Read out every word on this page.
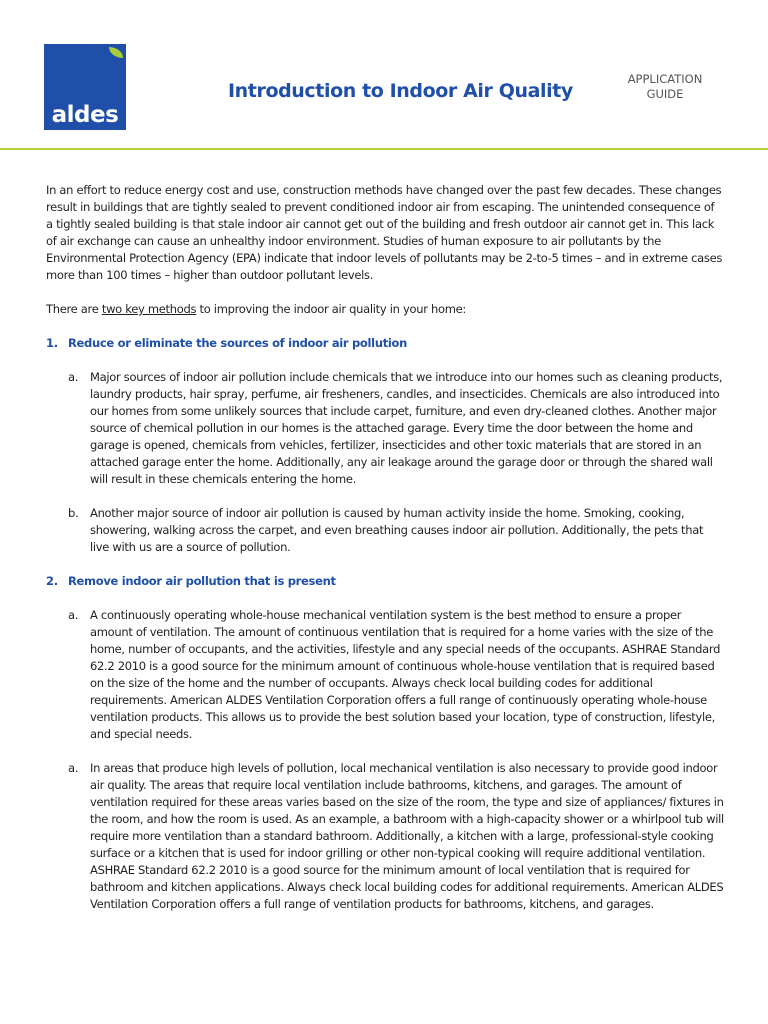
aldes
Introduction to Indoor Air Quality
APPLICATION
GUIDE

In an effort to reduce energy cost and use, construction methods have changed over the past few decades. These changes result in buildings that are tightly sealed to prevent conditioned indoor air from escaping. The unintended consequence of a tightly sealed building is that stale indoor air cannot get out of the building and fresh outdoor air cannot get in. This lack of air exchange can cause an unhealthy indoor environment. Studies of human exposure to air pollutants by the Environmental Protection Agency (EPA) indicate that indoor levels of pollutants may be 2-to-5 times – and in extreme cases more than 100 times – higher than outdoor pollutant levels.

There are two key methods to improving the indoor air quality in your home:

1. Reduce or eliminate the sources of indoor air pollution
a.	Major sources of indoor air pollution include chemicals that we introduce into our homes such as cleaning products, laundry products, hair spray, perfume, air fresheners, candles, and insecticides. Chemicals are also introduced into our homes from some unlikely sources that include carpet, furniture, and even dry-cleaned clothes. Another major source of chemical pollution in our homes is the attached garage. Every time the door between the home and garage is opened, chemicals from vehicles, fertilizer, insecticides and other toxic materials that are stored in an attached garage enter the home. Additionally, any air leakage around the garage door or through the shared wall will result in these chemicals entering the home.
b.	Another major source of indoor air pollution is caused by human activity inside the home. Smoking, cooking, showering, walking across the carpet, and even breathing causes indoor air pollution. Additionally, the pets that live with us are a source of pollution.
2. Remove indoor air pollution that is present
a.	A continuously operating whole-house mechanical ventilation system is the best method to ensure a proper amount of ventilation. The amount of continuous ventilation that is required for a home varies with the size of the home, number of occupants, and the activities, lifestyle and any special needs of the occupants. ASHRAE Standard 62.2 2010 is a good source for the minimum amount of continuous whole-house ventilation that is required based on the size of the home and the number of occupants. Always check local building codes for additional requirements. American ALDES Ventilation Corporation offers a full range of continuously operating whole-house ventilation products. This allows us to provide the best solution based your location, type of construction, lifestyle, and special needs.
a.	In areas that produce high levels of pollution, local mechanical ventilation is also necessary to provide good indoor air quality. The areas that require local ventilation include bathrooms, kitchens, and garages. The amount of ventilation required for these areas varies based on the size of the room, the type and size of appliances/ fixtures in the room, and how the room is used. As an example, a bathroom with a high-capacity shower or a whirlpool tub will require more ventilation than a standard bathroom. Additionally, a kitchen with a large, professional-style cooking surface or a kitchen that is used for indoor grilling or other non-typical cooking will require additional ventilation. ASHRAE Standard 62.2 2010 is a good source for the minimum amount of local ventilation that is required for bathroom and kitchen applications. Always check local building codes for additional requirements. American ALDES Ventilation Corporation offers a full range of ventilation products for bathrooms, kitchens, and garages.
